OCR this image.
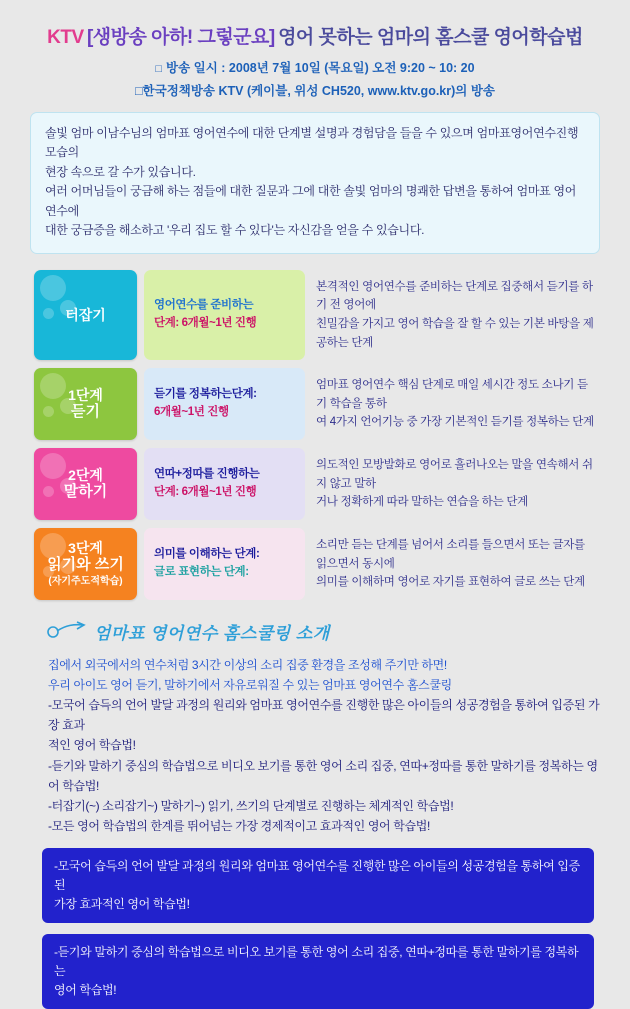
KTV [생방송 아하! 그렇군요] 영어 못하는 엄마의 홈스쿨 영어학습법
□ 방송 일시 : 2008년 7월 10일 (목요일) 오전 9:20 ~ 10: 20
□한국정책방송 KTV (케이블, 위성 CH520, www.ktv.go.kr)의 방송
솔빛 엄마 이남수님의 엄마표 영어연수에 대한 단계별 설명과 경험담을 들을 수 있으며 엄마표영어연수진행모습의
현장 속으로 갈 수가 있습니다.
여러 어머님들이 궁금해 하는 점들에 대한 질문과 그에 대한 솔빛 엄마의 명쾌한 답변을 통하여 엄마표 영어연수에
대한 궁금증을 해소하고 '우리 집도 할 수 있다'는 자신감을 얻을 수 있습니다.
터잡기
영어연수를 준비하는
단계: 6개월~1년 진행
본격적인 영어연수를 준비하는 단계로 집중해서 듣기를 하기 전 영어에
친밀감을 가지고 영어 학습을 잘 할 수 있는 기본 바탕을 제공하는 단계
1단계
듣기
듣기를 정복하는단계:
6개월~1년 진행
엄마표 영어연수 핵심 단계로 매일 세시간 정도 소나기 듣기 학습을 통하
여 4가지 언어기능 중 가장 기본적인 듣기를 정복하는 단계
2단계
말하기
연따+정따를 진행하는
단계: 6개월~1년 진행
의도적인 모방발화로 영어로 흘러나오는 말을 연속해서 쉬지 않고 말하
거나 정확하게 따라 말하는 연습을 하는 단계
3단계
읽기와 쓰기
(자기주도적학습)
의미를 이해하는 단계:
글로 표현하는 단계:
소리만 듣는 단계를 넘어서 소리를 들으면서 또는 글자를 읽으면서 동시에
의미를 이해하며 영어로 자기를 표현하여 글로 쓰는 단계
엄마표 영어연수 홈스쿨링 소개
집에서 외국에서의 연수처럼 3시간 이상의 소리 집중 환경을 조성해 주기만 하면!
우리 아이도 영어 듣기, 말하기에서 자유로워질 수 있는 엄마표 영어연수 홈스쿨링
-모국어 습득의 언어 발달 과정의 원리와 엄마표 영어연수를 진행한 많은 아이들의 성공경험을 통하여 입증된 가장 효과
적인 영어 학습법!
-듣기와 말하기 중심의 학습법으로 비디오 보기를 통한 영어 소리 집중, 연따+정따를 통한 말하기를 정복하는 영어 학습법!
-터잡기(~) 소리잡기~) 말하기~) 읽기, 쓰기의 단계별로 진행하는 체계적인 학습법!
-모든 영어 학습법의 한계를 뛰어넘는 가장 경제적이고 효과적인 영어 학습법!
-모국어 습득의 언어 발달 과정의 원리와 엄마표 영어연수를 진행한 많은 아이들의 성공경험을 통하여 입증된
가장 효과적인 영어 학습법!
-듣기와 말하기 중심의 학습법으로 비디오 보기를 통한 영어 소리 집중, 연따+정따를 통한 말하기를 정복하는
영어 학습법!
